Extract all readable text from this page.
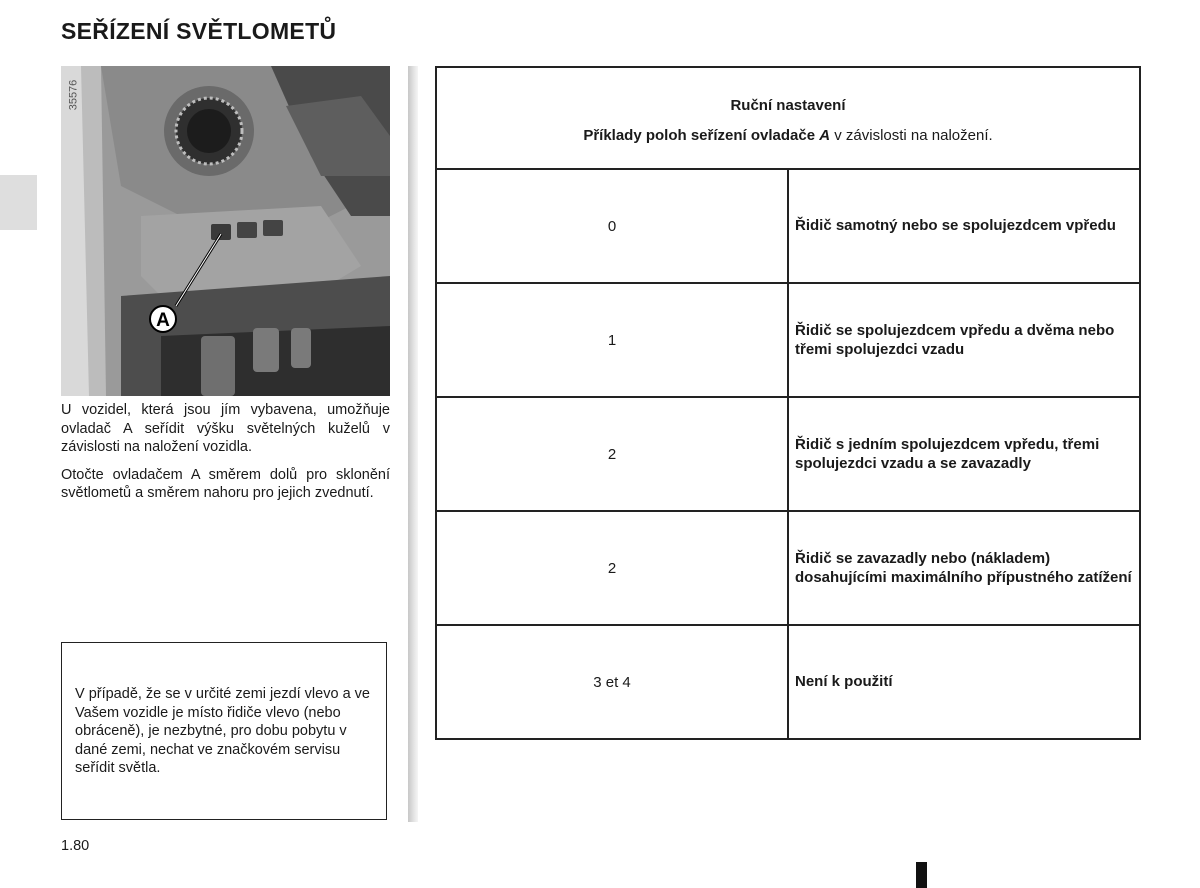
SEŘÍZENÍ SVĚTLOMETŮ
A
35576

U vozidel, která jsou jím vybavena, umožňuje ovladač A seřídit výšku světelných kuželů v závislosti na naložení vozidla.

Otočte ovladačem A směrem dolů pro sklonění světlometů a směrem nahoru pro jejich zvednutí.

V případě, že se v určité zemi jezdí vlevo a ve Vašem vozidle je místo řidiče vlevo (nebo obráceně), je nezbytné, pro dobu pobytu v dané zemi, nechat ve značkovém servisu seřídit světla.
1.80
Ruční nastavení
Příklady poloh seřízení ovladače A v závislosti na naložení.	

0	Řidič samotný nebo se spolujezdcem vpředu
1	Řidič se spolujezdcem vpředu a dvěma nebo třemi spolujezdci vzadu
2	Řidič s jedním spolujezdcem vpředu, třemi spolujezdci vzadu a se zavazadly
2	Řidič se zavazadly nebo (nákladem) dosahujícími maximálního přípustného zatížení
3 et 4	Není k použití
